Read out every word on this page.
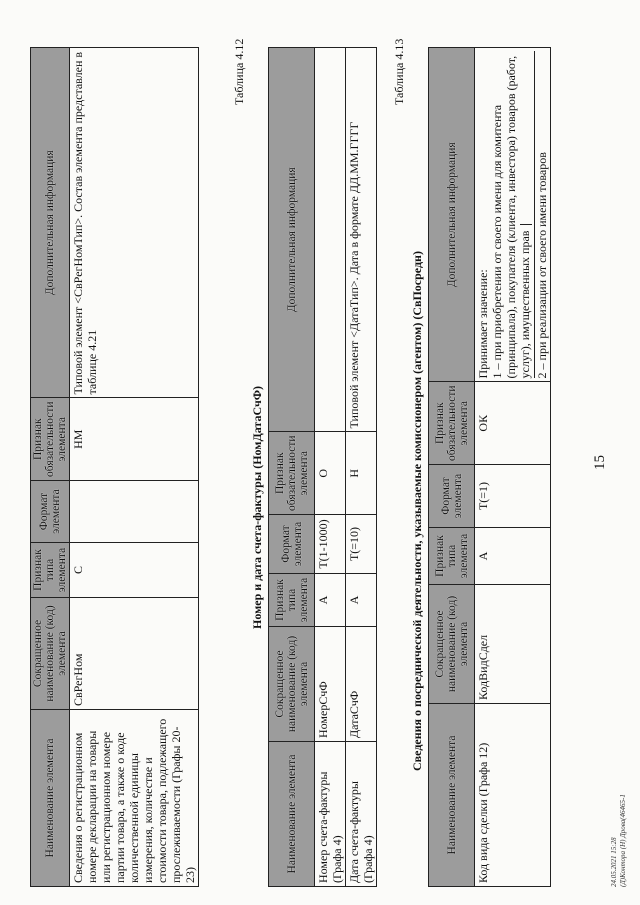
15
24.05.2021 15:28 (Д)Контора (Н) Дрова(46465-1
Наименование элемента	Сокращенное наименование (код) элемента	Признак типа элемента	Формат элемента	Признак обязательности элемента	Дополнительная информация
Сведения о регистрационном номере декларации на товары или регистрационном номере партии товара, а также о коде количественной единицы измерения, количестве и стоимости товара, подлежащего прослеживаемости (Графы 20-23)	СвРегНом	С		НМ	Типовой элемент <СвРегНомТип>. Состав элемента представлен в таблице 4.21
Таблица 4.12
Номер и дата счета-фактуры (НомДатаСчФ)
Наименование элемента	Сокращенное наименование (код) элемента	Признак типа элемента	Формат элемента	Признак обязательности элемента	Дополнительная информация
Номер счета-фактуры (Графа 4)	НомерСчФ	А	T(1-1000)	О	
Дата счета-фактуры (Графа 4)	ДатаСчФ	А	T(=10)	Н	Типовой элемент <ДатаТип>. Дата в формате ДД.ММ.ГГГГ
Таблица 4.13
Сведения о посреднической деятельности, указываемые комиссионером (агентом) (СвПосредн)
Наименование элемента	Сокращенное наименование (код) элемента	Признак типа элемента	Формат элемента	Признак обязательности элемента	Дополнительная информация
Код вида сделки (Графа 12)	КодВидСдел	А	T(=1)	ОК	Принимает значение: 1 – при приобретении от своего имени для комитента (принципала), покупателя (клиента, инвестора) товаров (работ, услуг), имущественных прав 2 – при реализации от своего имени товаров
